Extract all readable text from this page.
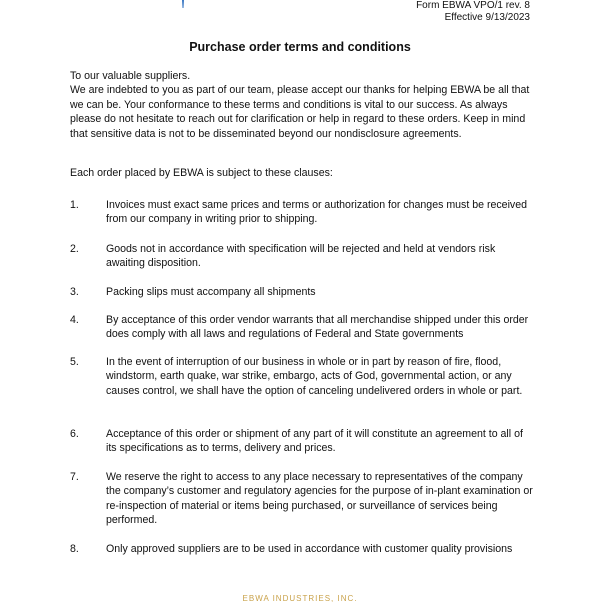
Form EBWA VPO/1 rev. 8
Effective 9/13/2023
Purchase order terms and conditions

To our valuable suppliers.

We are indebted to you as part of our team, please accept our thanks for helping EBWA be all that we can be. Your conformance to these terms and conditions is vital to our success. As always please do not hesitate to reach out for clarification or help in regard to these orders. Keep in mind that sensitive data is not to be disseminated beyond our nondisclosure agreements.

Each order placed by EBWA is subject to these clauses:

1.	Invoices must exact same prices and terms or authorization for changes must be received from our company in writing prior to shipping.
2.	Goods not in accordance with specification will be rejected and held at vendors risk awaiting disposition.
3.	Packing slips must accompany all shipments
4.	By acceptance of this order vendor warrants that all merchandise shipped under this order does comply with all laws and regulations of Federal and State governments
5.	In the event of interruption of our business in whole or in part by reason of fire, flood, windstorm, earth quake, war strike, embargo, acts of God, governmental action, or any causes control, we shall have the option of canceling undelivered orders in whole or part.
6.	Acceptance of this order or shipment of any part of it will constitute an agreement to all of its specifications as to terms, delivery and prices.
7.	We reserve the right to access to any place necessary to representatives of the company the company’s customer and regulatory agencies for the purpose of in-plant examination or re-inspection of material or items being purchased, or surveillance of services being performed.
8.	Only approved suppliers are to be used in accordance with customer quality provisions
EBWA INDUSTRIES, INC.
